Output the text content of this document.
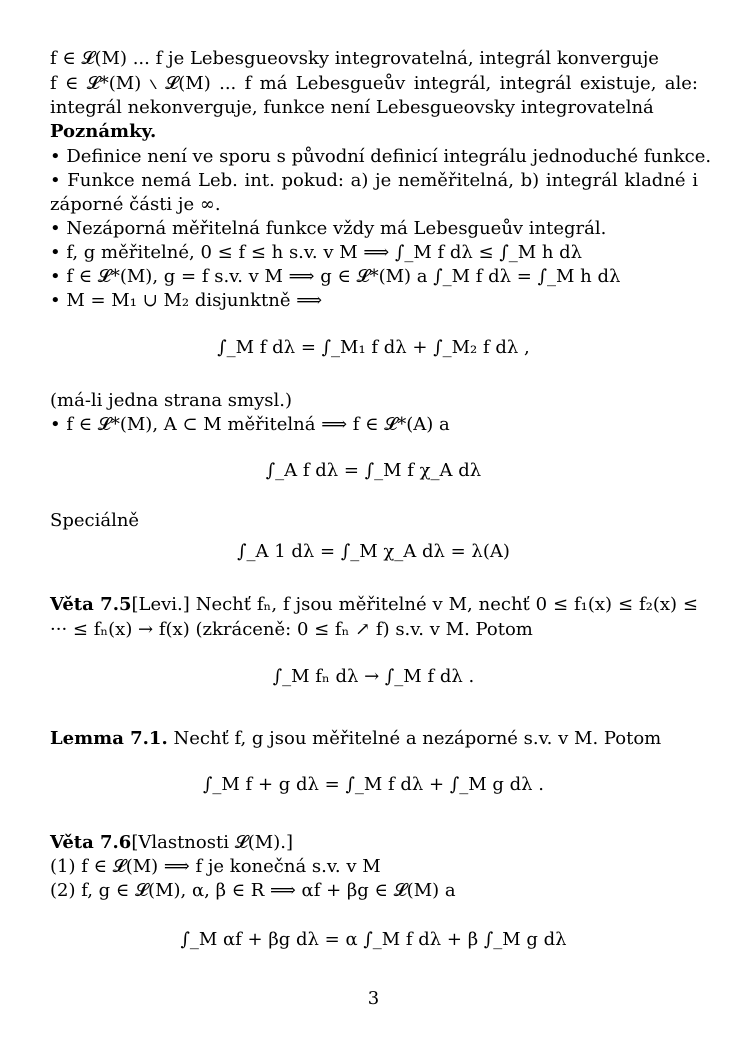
f ∈ 𝓛(M) ... f je Lebesgueovsky integrovatelná, integrál konverguje
f ∈ 𝓛*(M) ∖ 𝓛(M) ... f má Lebesgueův integrál, integrál existuje, ale:
integrál nekonverguje, funkce není Lebesgueovsky integrovatelná
Poznámky.
• Definice není ve sporu s původní definicí integrálu jednoduché funkce.
• Funkce nemá Leb. int. pokud: a) je neměřitelná, b) integrál kladné i
záporné části je ∞.
• Nezáporná měřitelná funkce vždy má Lebesgueův integrál.
• f, g měřitelné, 0 ≤ f ≤ h s.v. v M ⟹ ∫_M f dλ ≤ ∫_M h dλ
• f ∈ 𝓛*(M), g = f s.v. v M ⟹ g ∈ 𝓛*(M) a ∫_M f dλ = ∫_M h dλ
• M = M₁ ∪ M₂ disjunktně ⟹
(má-li jedna strana smysl.)
• f ∈ 𝓛*(M), A ⊂ M měřitelná ⟹ f ∈ 𝓛*(A) a
Speciálně
Věta 7.5[Levi.] Nechť fₙ, f jsou měřitelné v M, nechť 0 ≤ f₁(x) ≤ f₂(x) ≤
··· ≤ fₙ(x) → f(x) (zkráceně: 0 ≤ fₙ ↗ f) s.v. v M. Potom
Lemma 7.1. Nechť f, g jsou měřitelné a nezáporné s.v. v M. Potom
Věta 7.6[Vlastnosti 𝓛(M).]
(1) f ∈ 𝓛(M) ⟹ f je konečná s.v. v M
(2) f, g ∈ 𝓛(M), α, β ∈ R ⟹ αf + βg ∈ 𝓛(M) a
∫_M f dλ = ∫_M₁ f dλ + ∫_M₂ f dλ ,
∫_A f dλ = ∫_M f χ_A dλ
∫_A 1 dλ = ∫_M χ_A dλ = λ(A)
∫_M fₙ dλ → ∫_M f dλ .
∫_M f + g dλ = ∫_M f dλ + ∫_M g dλ .
∫_M αf + βg dλ = α ∫_M f dλ + β ∫_M g dλ
3
